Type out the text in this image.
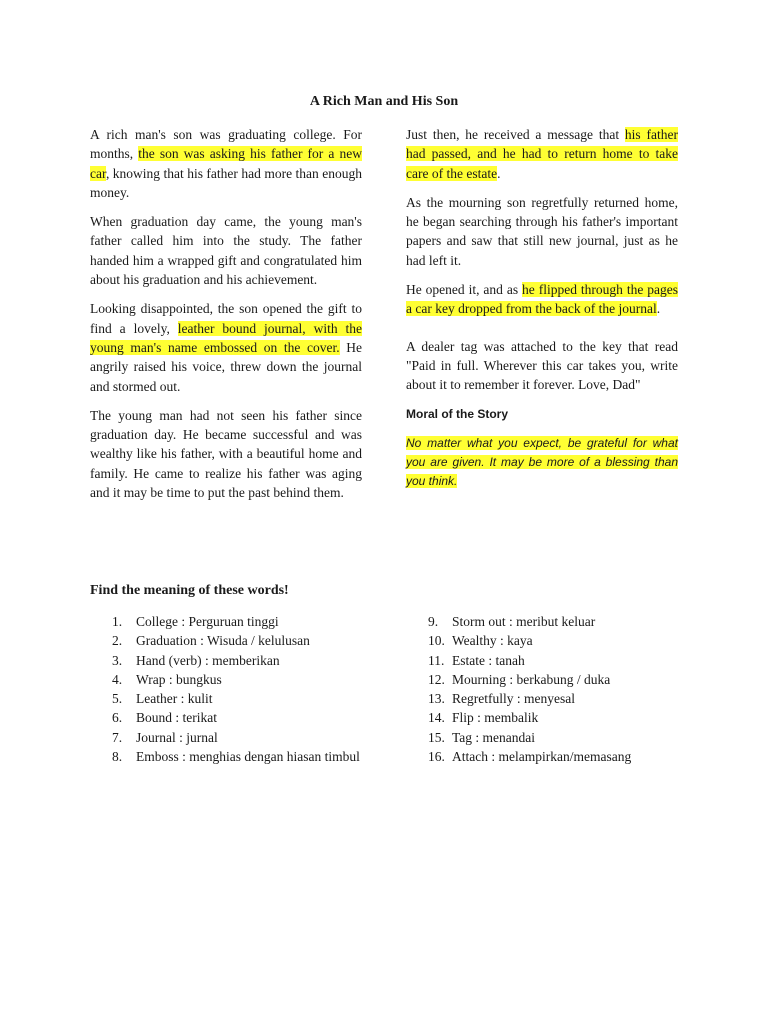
A Rich Man and His Son

A rich man's son was graduating college. For months, the son was asking his father for a new car, knowing that his father had more than enough money.

When graduation day came, the young man's father called him into the study. The father handed him a wrapped gift and congratulated him about his graduation and his achievement.

Looking disappointed, the son opened the gift to find a lovely, leather bound journal, with the young man's name embossed on the cover. He angrily raised his voice, threw down the journal and stormed out.

The young man had not seen his father since graduation day. He became successful and was wealthy like his father, with a beautiful home and family. He came to realize his father was aging and it may be time to put the past behind them.

Just then, he received a message that his father had passed, and he had to return home to take care of the estate.

As the mourning son regretfully returned home, he began searching through his father's important papers and saw that still new journal, just as he had left it.

He opened it, and as he flipped through the pages a car key dropped from the back of the journal.

A dealer tag was attached to the key that read "Paid in full. Wherever this car takes you, write about it to remember it forever. Love, Dad"

Moral of the Story
No matter what you expect, be grateful for what you are given. It may be more of a blessing than you think.
Find the meaning of these words!
1.	College : Perguruan tinggi
2.	Graduation : Wisuda / kelulusan
3.	Hand (verb) : memberikan
4.	Wrap : bungkus
5.	Leather : kulit
6.	Bound : terikat
7.	Journal : jurnal
8.	Emboss : menghias dengan hiasan timbul
9.	Storm out : meribut keluar
10. Wealthy : kaya
11. Estate : tanah
12. Mourning : berkabung / duka
13. Regretfully : menyesal
14. Flip : membalik
15. Tag : menandai
16. Attach : melampirkan/memasang
